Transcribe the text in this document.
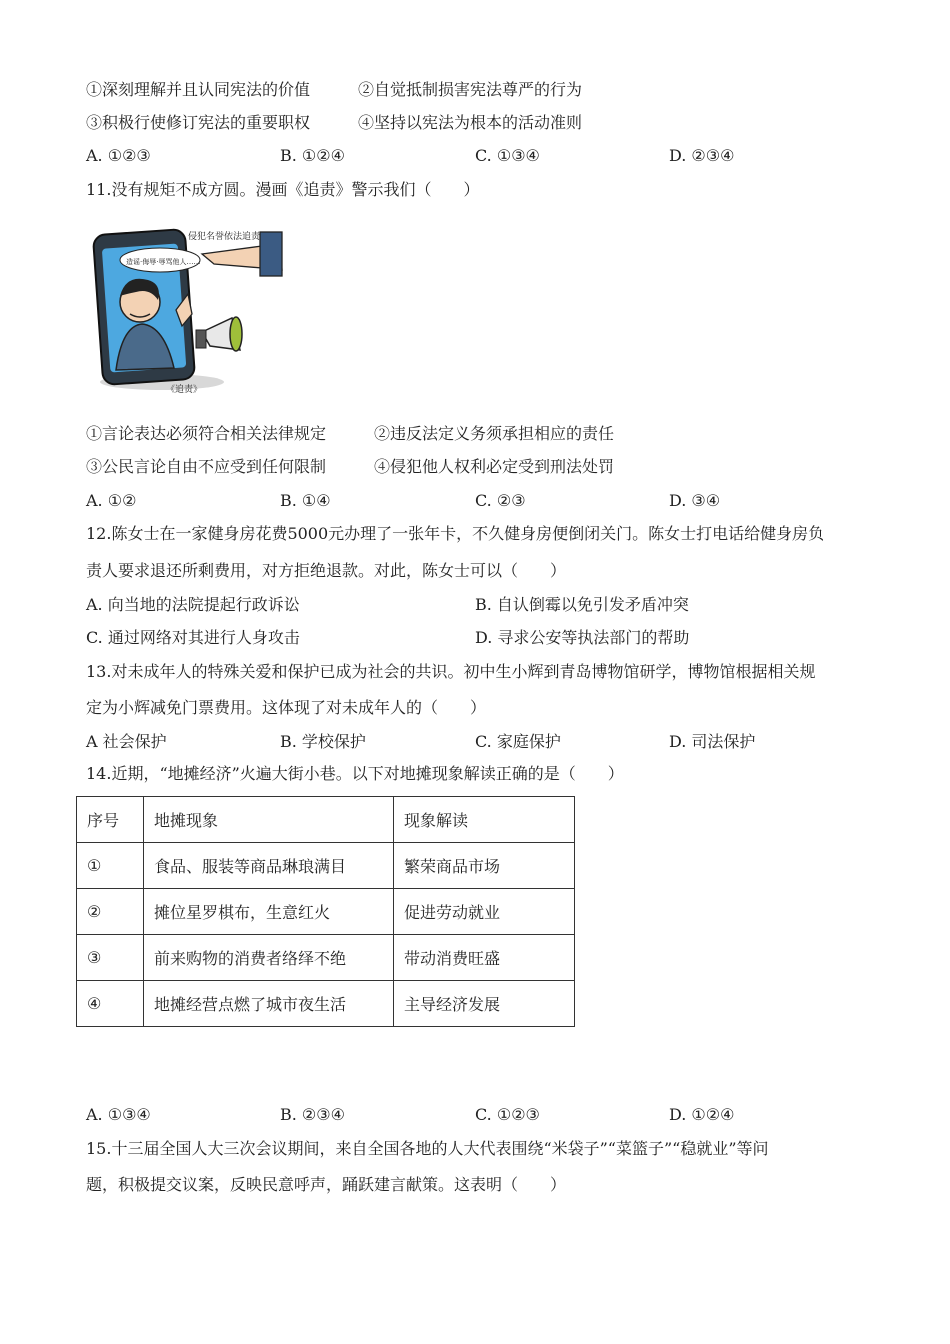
①深刻理解并且认同宪法的价值	②自觉抵制损害宪法尊严的行为
③积极行使修订宪法的重要职权	④坚持以宪法为根本的活动准则
A. ①②③	B. ①②④	C. ①③④	D. ②③④
11.没有规矩不成方圆。漫画《追责》警示我们（　　）
侵犯名誉依法追责
造谣·侮辱·辱骂他人……
《追责》
①言论表达必须符合相关法律规定	②违反法定义务须承担相应的责任
③公民言论自由不应受到任何限制	④侵犯他人权利必定受到刑法处罚
A. ①②	B. ①④	C. ②③	D. ③④
12.陈女士在一家健身房花费5000元办理了一张年卡，不久健身房便倒闭关门。陈女士打电话给健身房负
责人要求退还所剩费用，对方拒绝退款。对此，陈女士可以（　　）
A. 向当地的法院提起行政诉讼	B. 自认倒霉以免引发矛盾冲突
C. 通过网络对其进行人身攻击	D. 寻求公安等执法部门的帮助
13.对未成年人的特殊关爱和保护已成为社会的共识。初中生小辉到青岛博物馆研学，博物馆根据相关规
定为小辉减免门票费用。这体现了对未成年人的（　　）
A 社会保护	B. 学校保护	C. 家庭保护	D. 司法保护
14.近期，“地摊经济”火遍大街小巷。以下对地摊现象解读正确的是（　　）
序号	地摊现象	现象解读
①	食品、服装等商品琳琅满目	繁荣商品市场
②	摊位星罗棋布，生意红火	促进劳动就业
③	前来购物的消费者络绎不绝	带动消费旺盛
④	地摊经营点燃了城市夜生活	主导经济发展
A. ①③④	B. ②③④	C. ①②③	D. ①②④
15.十三届全国人大三次会议期间，来自全国各地的人大代表围绕“米袋子”“菜篮子”“稳就业”等问
题，积极提交议案，反映民意呼声，踊跃建言献策。这表明（　　）
